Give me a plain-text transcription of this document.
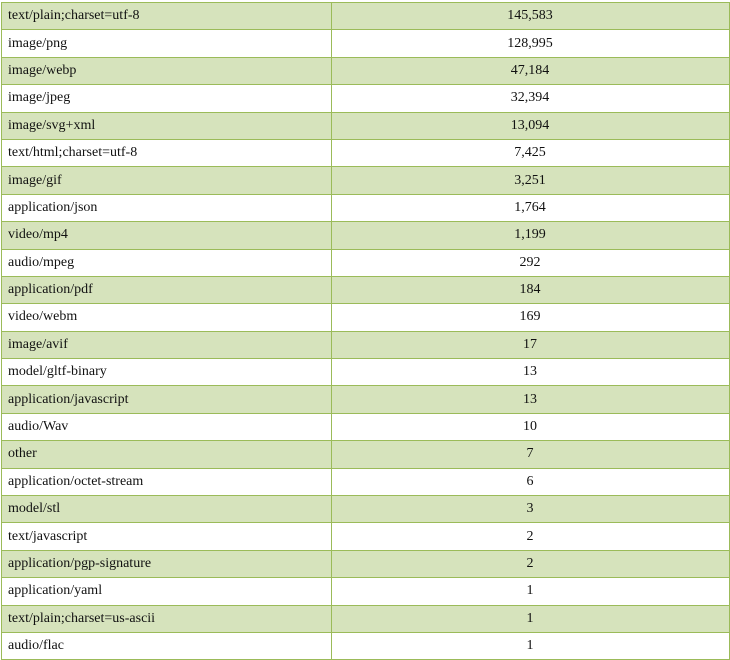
text/plain;charset=utf-8	145,583
image/png	128,995
image/webp	47,184
image/jpeg	32,394
image/svg+xml	13,094
text/html;charset=utf-8	7,425
image/gif	3,251
application/json	1,764
video/mp4	1,199
audio/mpeg	292
application/pdf	184
video/webm	169
image/avif	17
model/gltf-binary	13
application/javascript	13
audio/Wav	10
other	7
application/octet-stream	6
model/stl	3
text/javascript	2
application/pgp-signature	2
application/yaml	1
text/plain;charset=us-ascii	1
audio/flac	1
